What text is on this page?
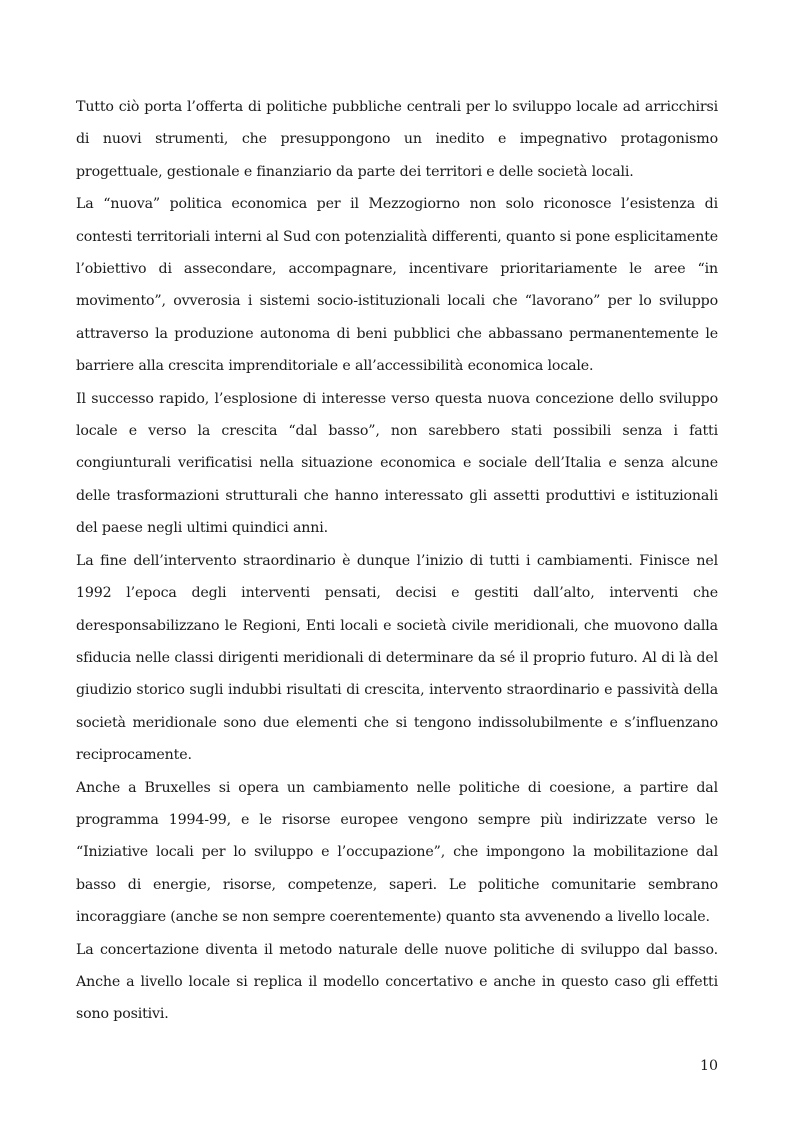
Tutto ciò porta l’offerta di politiche pubbliche centrali per lo sviluppo locale ad arricchirsi di nuovi strumenti, che presuppongono un inedito e impegnativo protagonismo progettuale, gestionale e finanziario da parte dei territori e delle società locali.

La “nuova” politica economica per il Mezzogiorno non solo riconosce l’esistenza di contesti territoriali interni al Sud con potenzialità differenti, quanto si pone esplicitamente l’obiettivo di assecondare, accompagnare, incentivare prioritariamente le aree “in movimento”, ovverosia i sistemi socio-istituzionali locali che “lavorano” per lo sviluppo attraverso la produzione autonoma di beni pubblici che abbassano permanentemente le barriere alla crescita imprenditoriale e all’accessibilità economica locale.

Il successo rapido, l’esplosione di interesse verso questa nuova concezione dello sviluppo locale e verso la crescita “dal basso”, non sarebbero stati possibili senza i fatti congiunturali verificatisi nella situazione economica e sociale dell’Italia e senza alcune delle trasformazioni strutturali che hanno interessato gli assetti produttivi e istituzionali del paese negli ultimi quindici anni.

La fine dell’intervento straordinario è dunque l’inizio di tutti i cambiamenti. Finisce nel 1992 l’epoca degli interventi pensati, decisi e gestiti dall’alto, interventi che deresponsabilizzano le Regioni, Enti locali e società civile meridionali, che muovono dalla sfiducia nelle classi dirigenti meridionali di determinare da sé il proprio futuro. Al di là del giudizio storico sugli indubbi risultati di crescita, intervento straordinario e passività della società meridionale sono due elementi che si tengono indissolubilmente e s’influenzano reciprocamente.

Anche a Bruxelles si opera un cambiamento nelle politiche di coesione, a partire dal programma 1994-99, e le risorse europee vengono sempre più indirizzate verso le “Iniziative locali per lo sviluppo e l’occupazione”, che impongono la mobilitazione dal basso di energie, risorse, competenze, saperi. Le politiche comunitarie sembrano incoraggiare (anche se non sempre coerentemente) quanto sta avvenendo a livello locale.

La concertazione diventa il metodo naturale delle nuove politiche di sviluppo dal basso. Anche a livello locale si replica il modello concertativo e anche in questo caso gli effetti sono positivi.

10
